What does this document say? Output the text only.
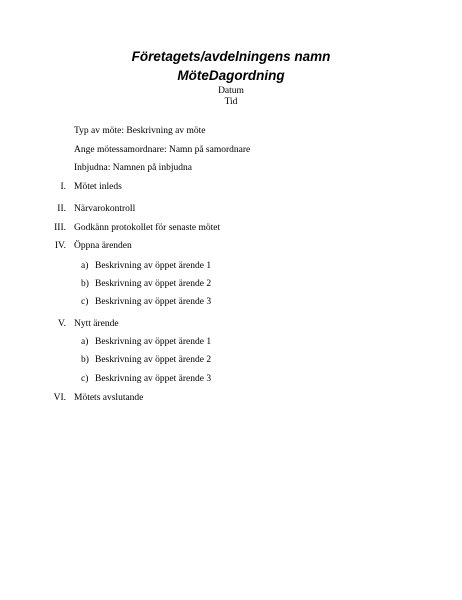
Företagets/avdelningens namn
MöteDagordning
Datum
Tid
Typ av möte: Beskrivning av möte
Ange mötessamordnare: Namn på samordnare
Inbjudna: Namnen på inbjudna
I. Mötet inleds
II. Närvarokontroll
III. Godkänn protokollet för senaste mötet
IV. Öppna ärenden
a) Beskrivning av öppet ärende 1
b) Beskrivning av öppet ärende 2
c) Beskrivning av öppet ärende 3
V. Nytt ärende
a) Beskrivning av öppet ärende 1
b) Beskrivning av öppet ärende 2
c) Beskrivning av öppet ärende 3
VI. Mötets avslutande
